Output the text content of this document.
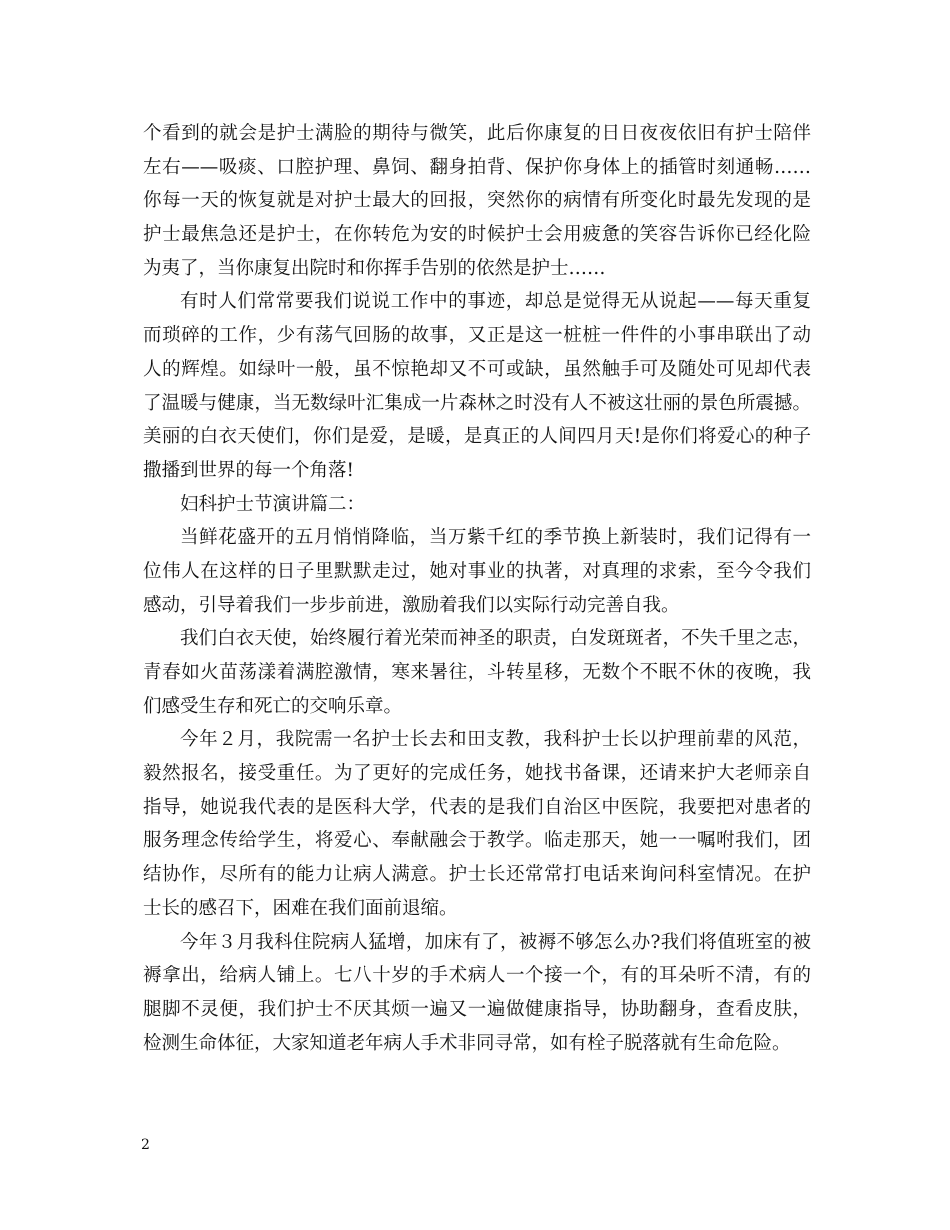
个看到的就会是护士满脸的期待与微笑，此后你康复的日日夜夜依旧有护士陪伴
左右——吸痰、口腔护理、鼻饲、翻身拍背、保护你身体上的插管时刻通畅……
你每一天的恢复就是对护士最大的回报，突然你的病情有所变化时最先发现的是
护士最焦急还是护士，在你转危为安的时候护士会用疲惫的笑容告诉你已经化险
为夷了，当你康复出院时和你挥手告别的依然是护士……
有时人们常常要我们说说工作中的事迹，却总是觉得无从说起——每天重复
而琐碎的工作，少有荡气回肠的故事，又正是这一桩桩一件件的小事串联出了动
人的辉煌。如绿叶一般，虽不惊艳却又不可或缺，虽然触手可及随处可见却代表
了温暖与健康，当无数绿叶汇集成一片森林之时没有人不被这壮丽的景色所震撼。
美丽的白衣天使们，你们是爱，是暖，是真正的人间四月天!是你们将爱心的种子
撒播到世界的每一个角落!
妇科护士节演讲篇二：
当鲜花盛开的五月悄悄降临，当万紫千红的季节换上新装时，我们记得有一
位伟人在这样的日子里默默走过，她对事业的执著，对真理的求索，至今令我们
感动，引导着我们一步步前进，激励着我们以实际行动完善自我。
我们白衣天使，始终履行着光荣而神圣的职责，白发斑斑者，不失千里之志，
青春如火苗荡漾着满腔激情，寒来暑往，斗转星移，无数个不眠不休的夜晚，我
们感受生存和死亡的交响乐章。
今年２月，我院需一名护士长去和田支教，我科护士长以护理前辈的风范，
毅然报名，接受重任。为了更好的完成任务，她找书备课，还请来护大老师亲自
指导，她说我代表的是医科大学，代表的是我们自治区中医院，我要把对患者的
服务理念传给学生，将爱心、奉献融会于教学。临走那天，她一一嘱咐我们，团
结协作，尽所有的能力让病人满意。护士长还常常打电话来询问科室情况。在护
士长的感召下，困难在我们面前退缩。
今年３月我科住院病人猛增，加床有了，被褥不够怎么办?我们将值班室的被
褥拿出，给病人铺上。七八十岁的手术病人一个接一个，有的耳朵听不清，有的
腿脚不灵便，我们护士不厌其烦一遍又一遍做健康指导，协助翻身，查看皮肤，
检测生命体征，大家知道老年病人手术非同寻常，如有栓子脱落就有生命危险。
2
